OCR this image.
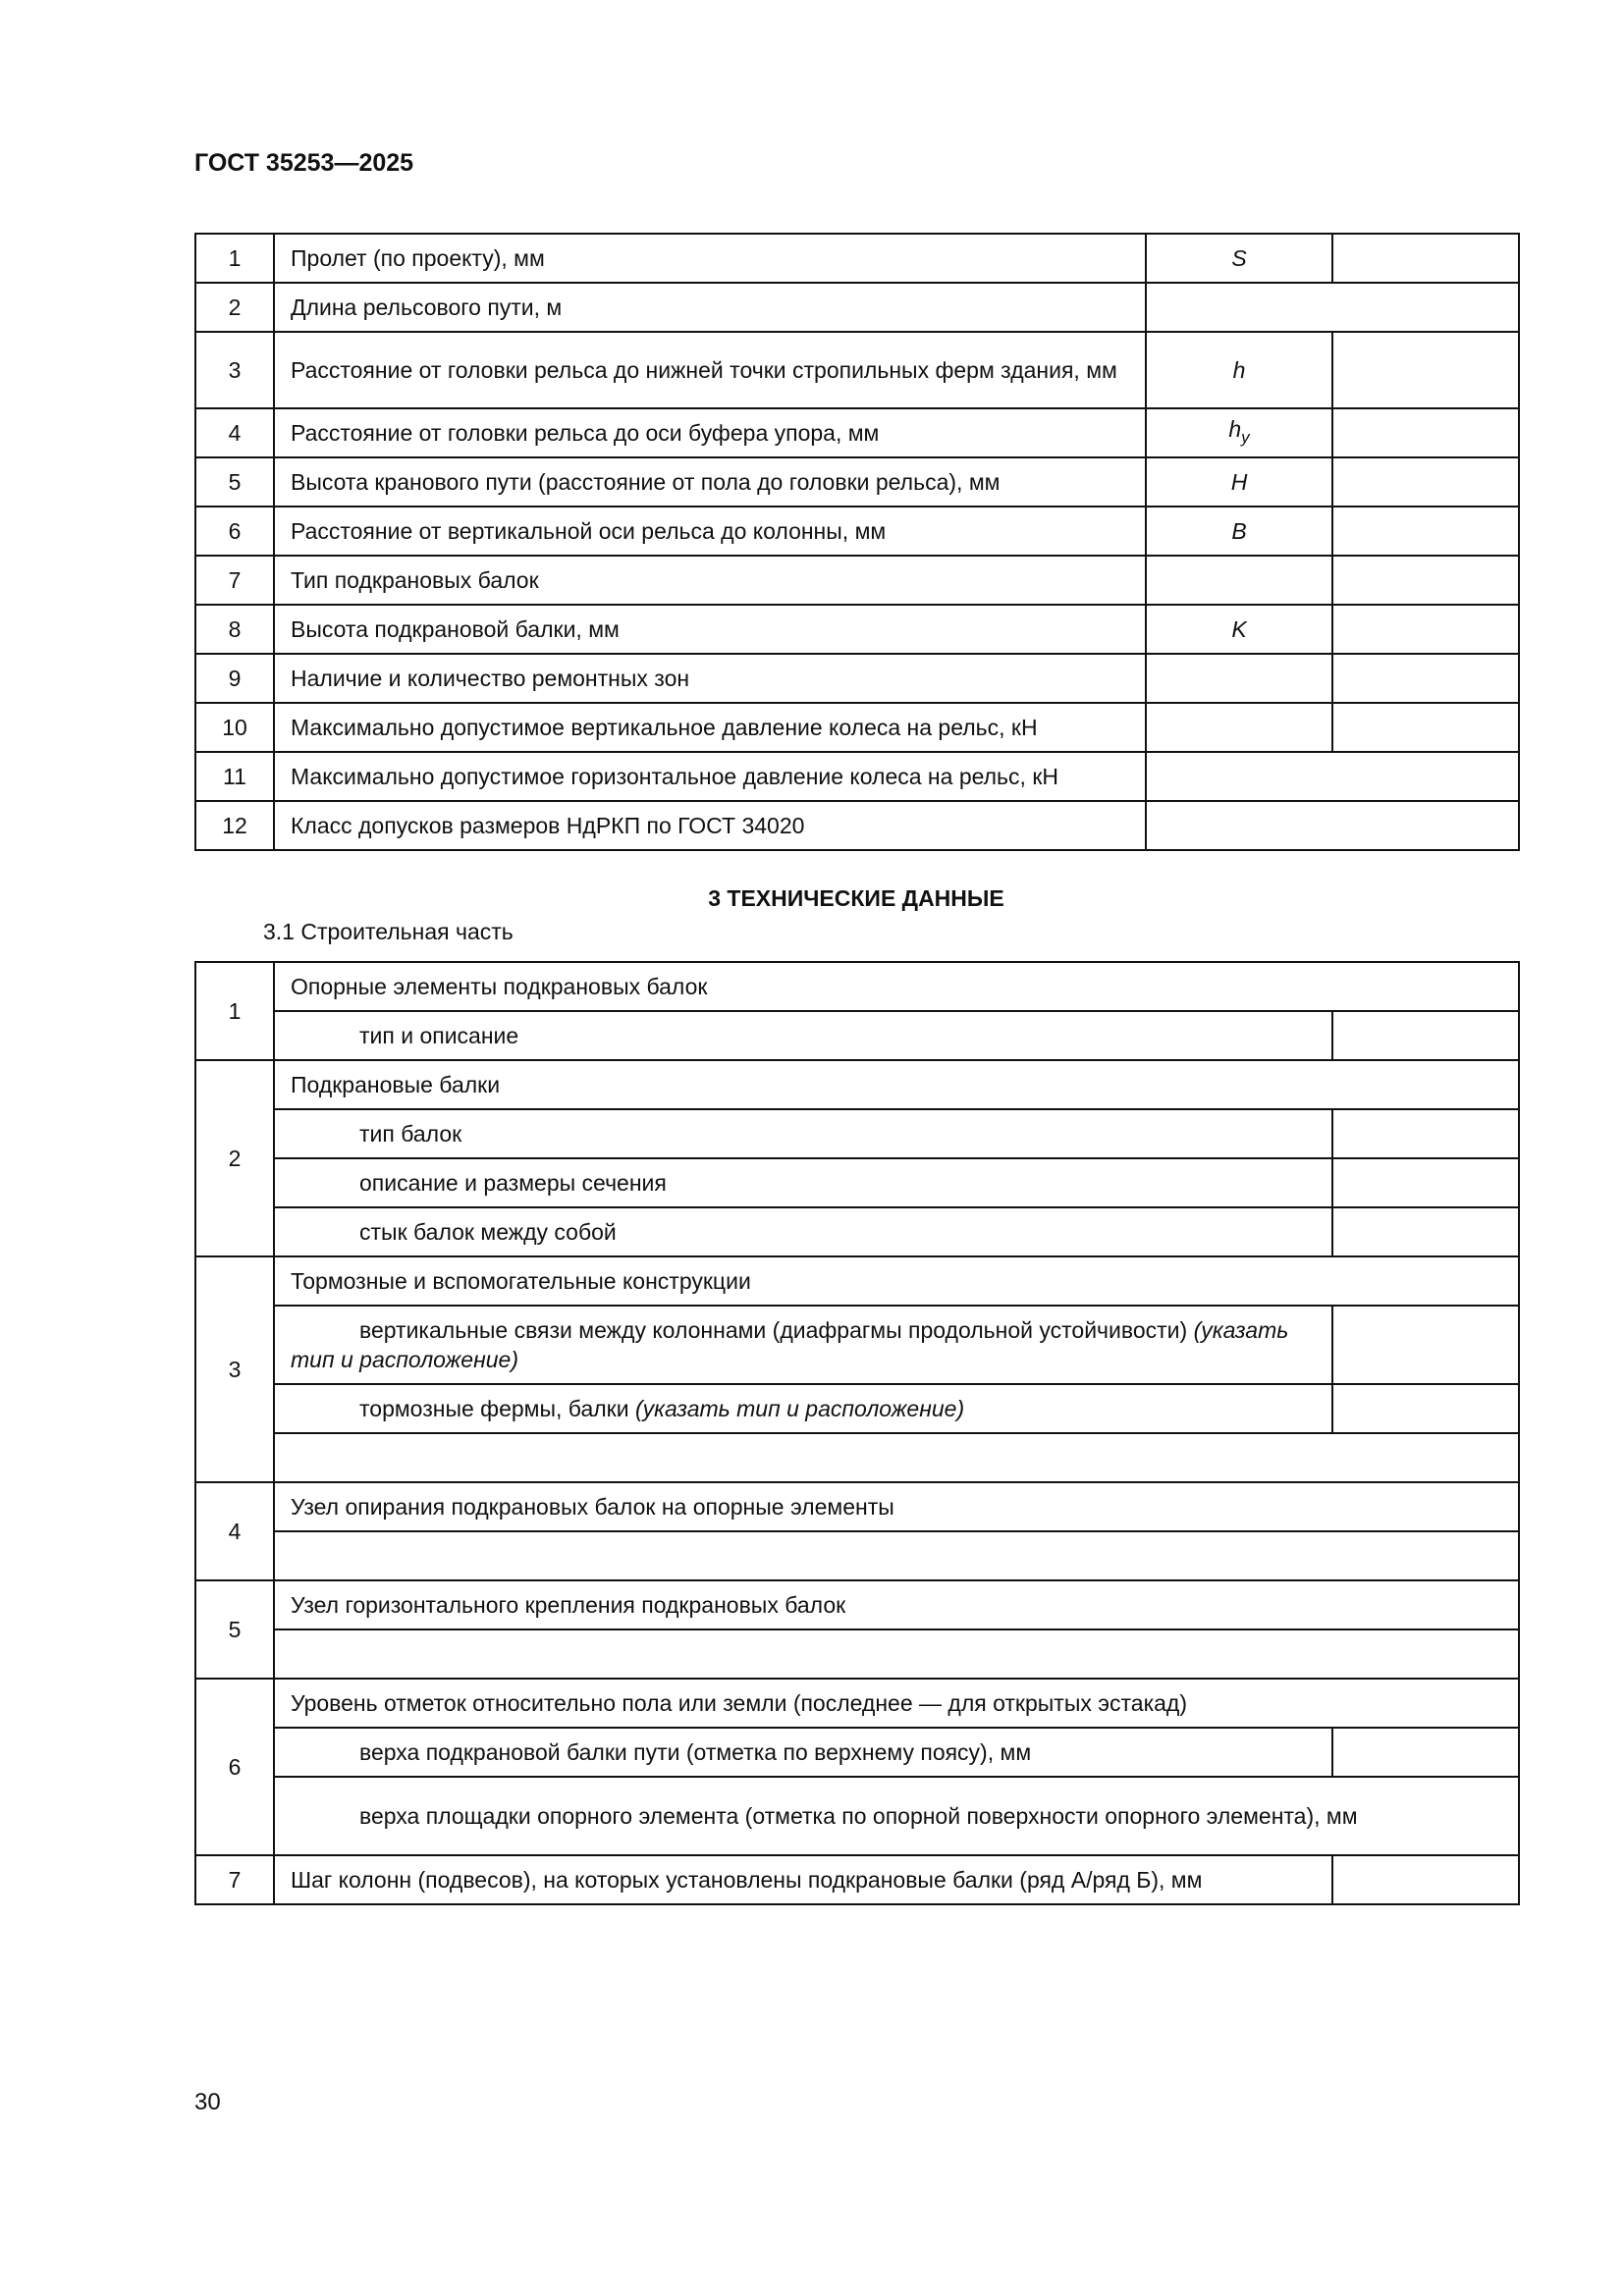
ГОСТ 35253—2025
1	Пролет (по проекту), мм	S	
2	Длина рельсового пути, м		
3	Расстояние от головки рельса до нижней точки стропильных ферм здания, мм	h	
4	Расстояние от головки рельса до оси буфера упора, мм	$h_y$	
5	Высота кранового пути (расстояние от пола до головки рельса), мм	H	
6	Расстояние от вертикальной оси рельса до колонны, мм	B	
7	Тип подкрановых балок		
8	Высота подкрановой балки, мм	K	
9	Наличие и количество ремонтных зон		
10	Максимально допустимое вертикальное давление колеса на рельс, кН		
11	Максимально допустимое горизонтальное давление колеса на рельс, кН		
12	Класс допусков размеров НдРКП по ГОСТ 34020		
3 ТЕХНИЧЕСКИЕ ДАННЫЕ
3.1 Строительная часть
1	Опорные элементы подкрановых балок	
	тип и описание	
2	Подкрановые балки	
	тип балок	
	описание и размеры сечения	
	стык балок между собой	
3	Тормозные и вспомогательные конструкции	
	вертикальные связи между колоннами (диафрагмы продольной устойчивости) (указать тип и расположение)	
	тормозные фермы, балки (указать тип и расположение)	

4	Узел опирания подкрановых балок на опорные элементы	

5	Узел горизонтального крепления подкрановых балок	

6	Уровень отметок относительно пола или земли (последнее — для открытых эстакад)	
	верха подкрановой балки пути (отметка по верхнему поясу), мм	
	верха площадки опорного элемента (отметка по опорной поверхности опорного элемента), мм	
7	Шаг колонн (подвесов), на которых установлены подкрановые балки (ряд А/ряд Б), мм	
30
